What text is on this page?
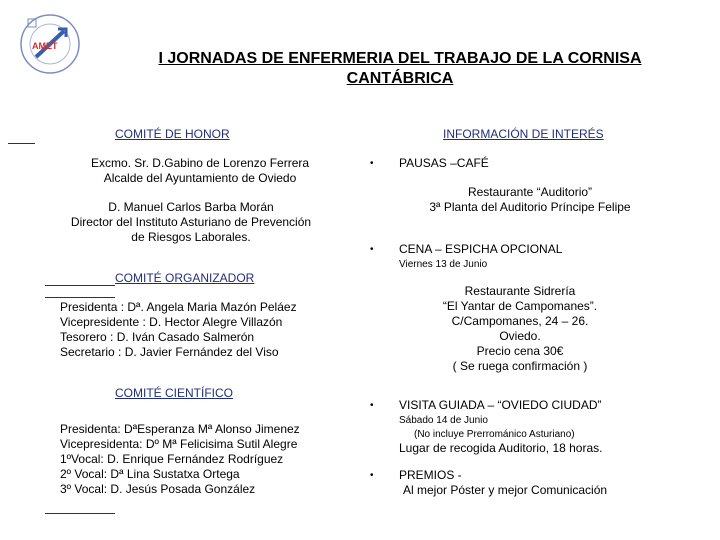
AMET
I JORNADAS DE ENFERMERIA DEL TRABAJO DE LA CORNISA
CANTÁBRICA
COMITÉ DE HONOR
Excmo. Sr. D.Gabino de Lorenzo Ferrera
Alcalde del Ayuntamiento de Oviedo
D. Manuel Carlos Barba Morán
Director del Instituto Asturiano de Prevención
de Riesgos Laborales.
COMITÉ ORGANIZADOR
Presidenta : Dª. Angela Maria Mazón Peláez
Vicepresidente : D. Hector Alegre Villazón
Tesorero : D. Iván Casado Salmerón
Secretario : D. Javier Fernández del Viso
COMITÉ CIENTÍFICO
Presidenta: DªEsperanza Mª Alonso Jimenez
Vicepresidenta: Dº Mª Felicisima Sutil Alegre
1ºVocal: D. Enrique Fernández Rodríguez
2º Vocal: Dª Lina Sustatxa Ortega
3º Vocal: D. Jesús Posada González
INFORMACIÓN DE INTERÉS
• PAUSAS –CAFÉ
Restaurante “Auditorio”
3ª Planta del Auditorio Príncipe Felipe
• CENA – ESPICHA OPCIONAL
Viernes 13 de Junio
Restaurante Sidrería
“El Yantar de Campomanes”.
C/Campomanes, 24 – 26.
Oviedo.
Precio cena 30€
( Se ruega confirmación )
• VISITA GUIADA – “OVIEDO CIUDAD”
Sábado 14 de Junio
(No incluye Prerrománico Asturiano)
Lugar de recogida Auditorio, 18 horas.
• PREMIOS -
Al mejor Póster y mejor Comunicación
